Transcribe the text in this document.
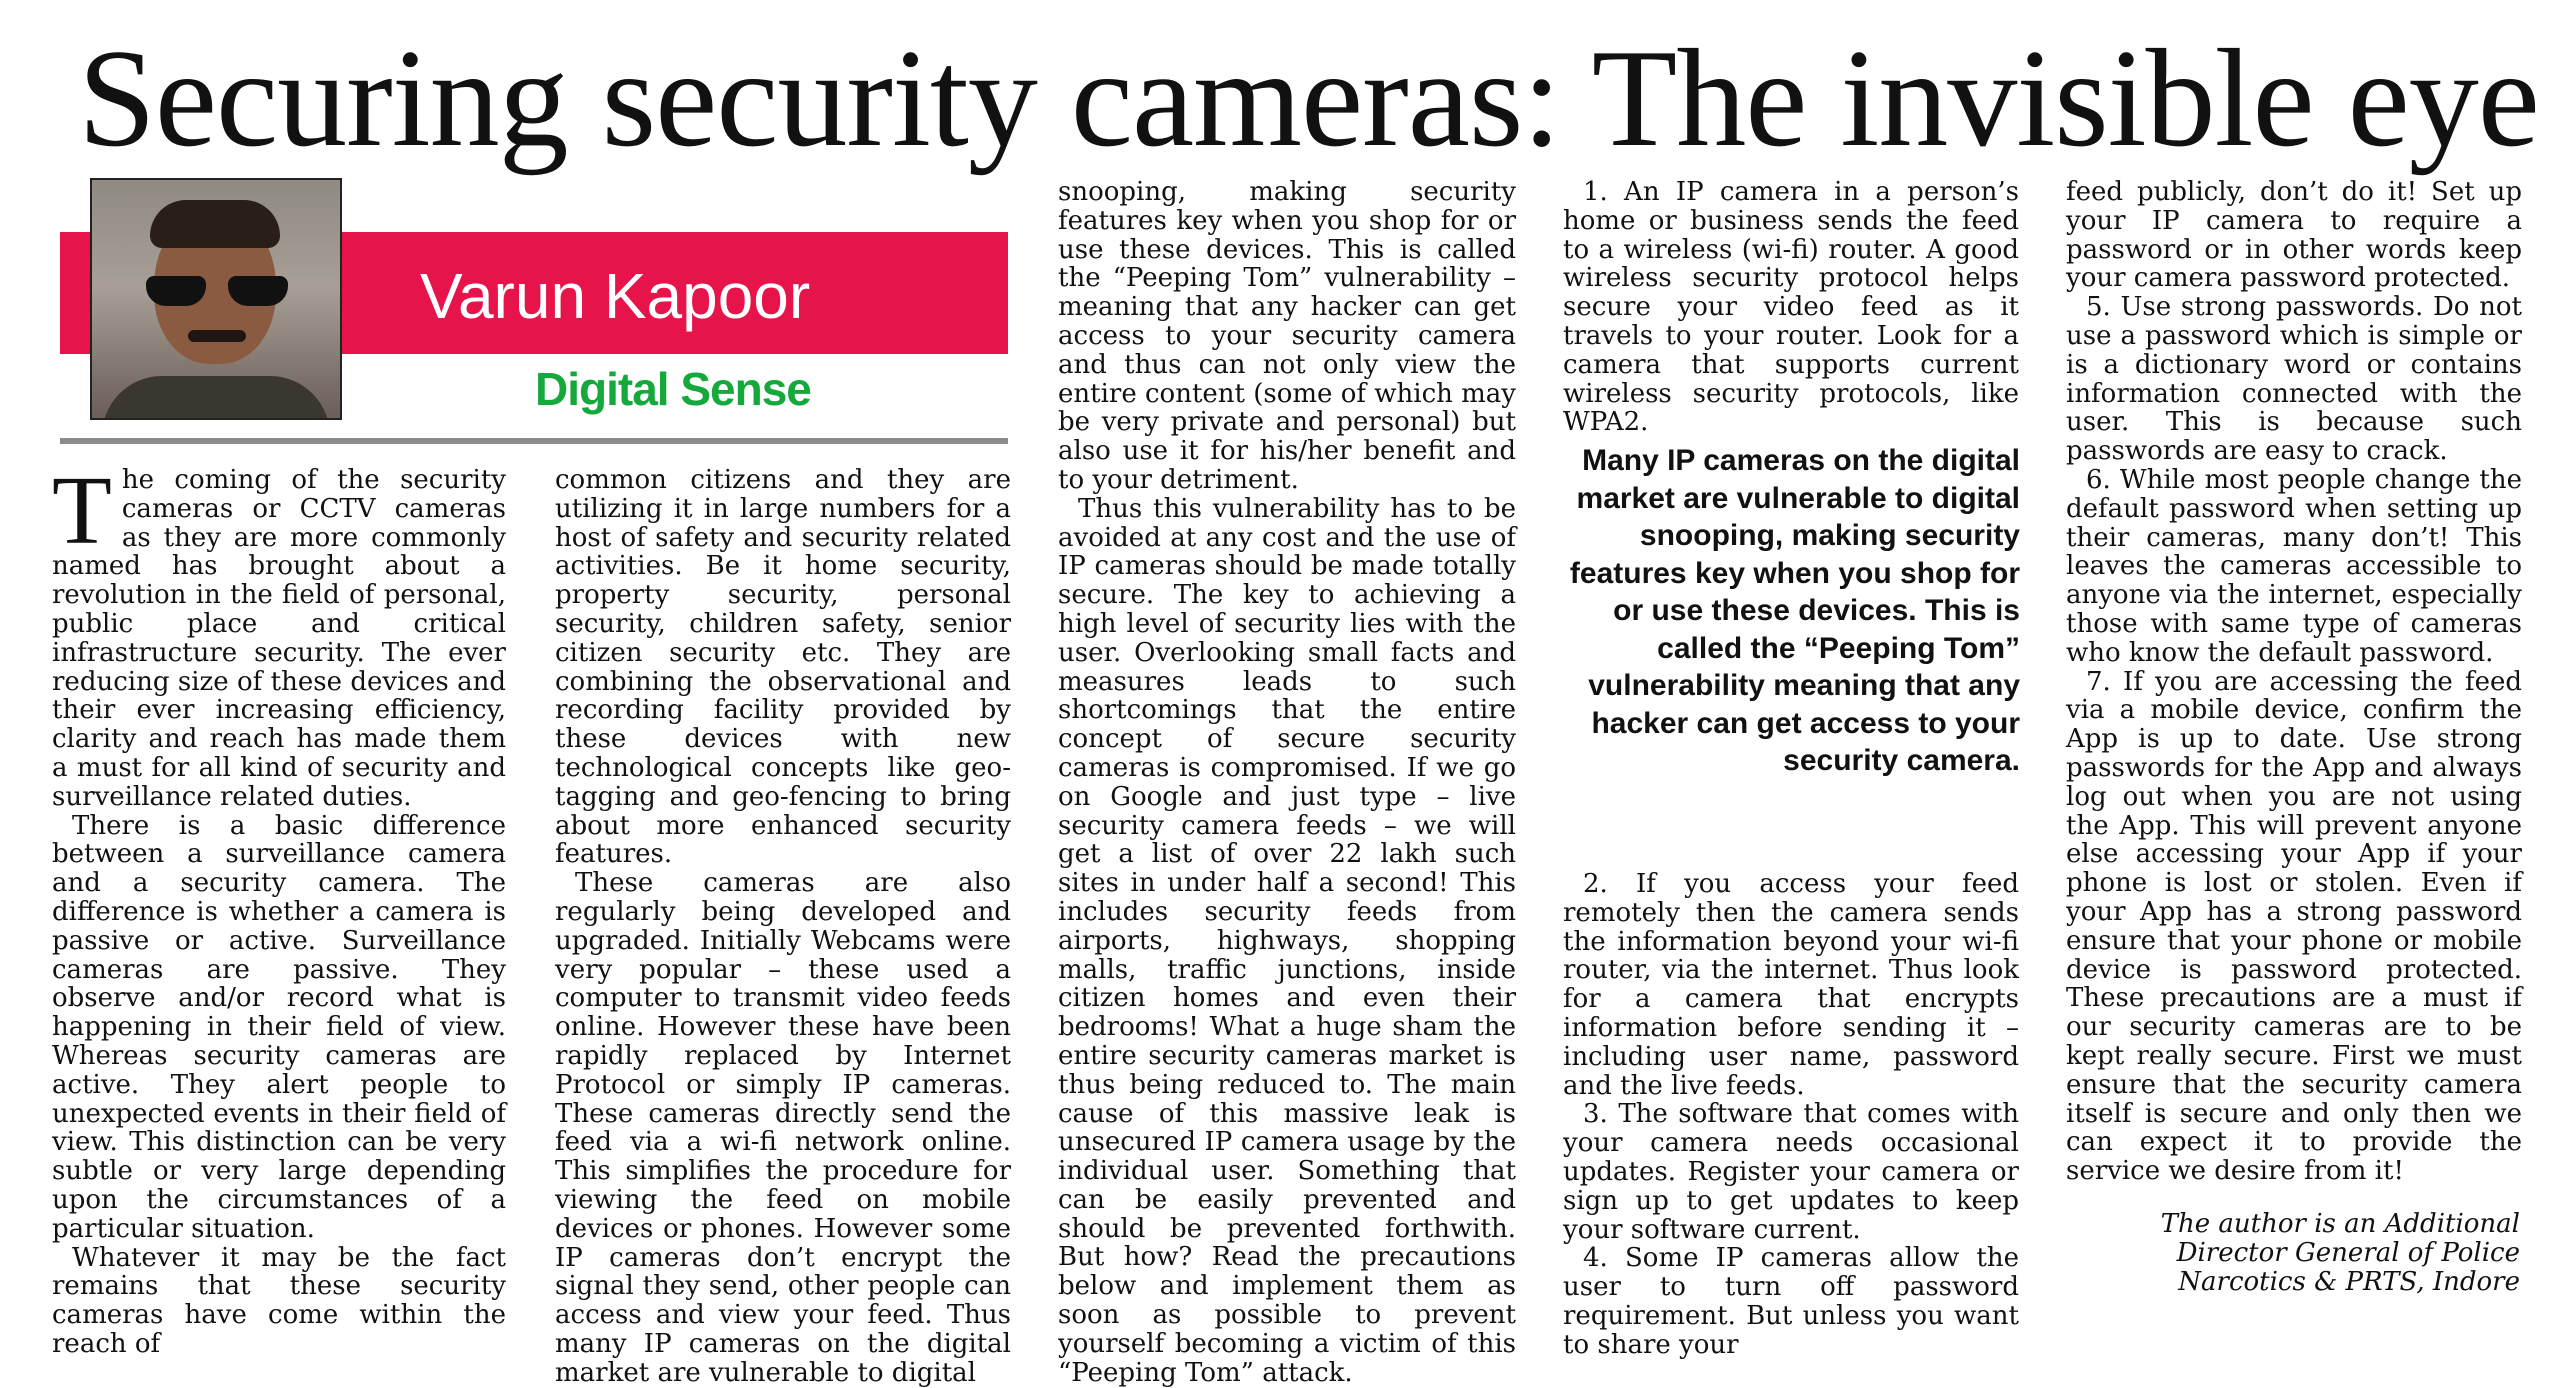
Securing security cameras: The invisible eye
Varun Kapoor
Digital Sense

The coming of the security cameras or CCTV cameras as they are more commonly named has brought about a revolution in the field of personal, public place and critical infrastructure security. The ever reducing size of these devices and their ever increasing efficiency, clarity and reach has made them a must for all kind of security and surveillance related duties.

There is a basic difference between a surveillance camera and a security camera. The difference is whether a camera is passive or active. Surveillance cameras are passive. They observe and/or record what is happening in their field of view. Whereas security cameras are active. They alert people to unexpected events in their field of view. This distinction can be very subtle or very large depending upon the circumstances of a particular situation.

Whatever it may be the fact remains that these security cameras have come within the reach of

common citizens and they are utilizing it in large numbers for a host of safety and security related activities. Be it home security, property security, personal security, children safety, senior citizen security etc. They are combining the observational and recording facility provided by these devices with new technological concepts like geo-tagging and geo-fencing to bring about more enhanced security features.

These cameras are also regularly being developed and upgraded. Initially Webcams were very popular – these used a computer to transmit video feeds online. However these have been rapidly replaced by Internet Protocol or simply IP cameras. These cameras directly send the feed via a wi-fi network online. This simplifies the procedure for viewing the feed on mobile devices or phones. However some IP cameras don’t encrypt the signal they send, other people can access and view your feed. Thus many IP cameras on the digital market are vulnerable to digital

snooping, making security features key when you shop for or use these devices. This is called the “Peeping Tom” vulnerability – meaning that any hacker can get access to your security camera and thus can not only view the entire content (some of which may be very private and personal) but also use it for his/her benefit and to your detriment.

Thus this vulnerability has to be avoided at any cost and the use of IP cameras should be made totally secure. The key to achieving a high level of security lies with the user. Overlooking small facts and measures leads to such shortcomings that the entire concept of secure security cameras is compromised. If we go on Google and just type – live security camera feeds – we will get a list of over 22 lakh such sites in under half a second! This includes security feeds from airports, highways, shopping malls, traffic junctions, inside citizen homes and even their bedrooms! What a huge sham the entire security cameras market is thus being reduced to. The main cause of this massive leak is unsecured IP camera usage by the individual user. Something that can be easily prevented and should be prevented forthwith. But how? Read the precautions below and implement them as soon as possible to prevent yourself becoming a victim of this “Peeping Tom” attack.

1. An IP camera in a person’s home or business sends the feed to a wireless (wi-fi) router. A good wireless security protocol helps secure your video feed as it travels to your router. Look for a camera that supports current wireless security protocols, like WPA2.

Many IP cameras on the digital market are vulnerable to digital snooping, making security features key when you shop for or use these devices. This is called the “Peeping Tom” vulnerability meaning that any hacker can get access to your security camera.

2. If you access your feed remotely then the camera sends the information beyond your wi-fi router, via the internet. Thus look for a camera that encrypts information before sending it – including user name, password and the live feeds.

3. The software that comes with your camera needs occasional updates. Register your camera or sign up to get updates to keep your software current.

4. Some IP cameras allow the user to turn off password requirement. But unless you want to share your

feed publicly, don’t do it! Set up your IP camera to require a password or in other words keep your camera password protected.

5. Use strong passwords. Do not use a password which is simple or is a dictionary word or contains information connected with the user. This is because such passwords are easy to crack.

6. While most people change the default password when setting up their cameras, many don’t! This leaves the cameras accessible to anyone via the internet, especially those with same type of cameras who know the default password.

7. If you are accessing the feed via a mobile device, confirm the App is up to date. Use strong passwords for the App and always log out when you are not using the App. This will prevent anyone else accessing your App if your phone is lost or stolen. Even if your App has a strong password ensure that your phone or mobile device is password protected. These precautions are a must if our security cameras are to be kept really secure. First we must ensure that the security camera itself is secure and only then we can expect it to provide the service we desire from it!

The author is an Additional Director General of Police Narcotics & PRTS, Indore
